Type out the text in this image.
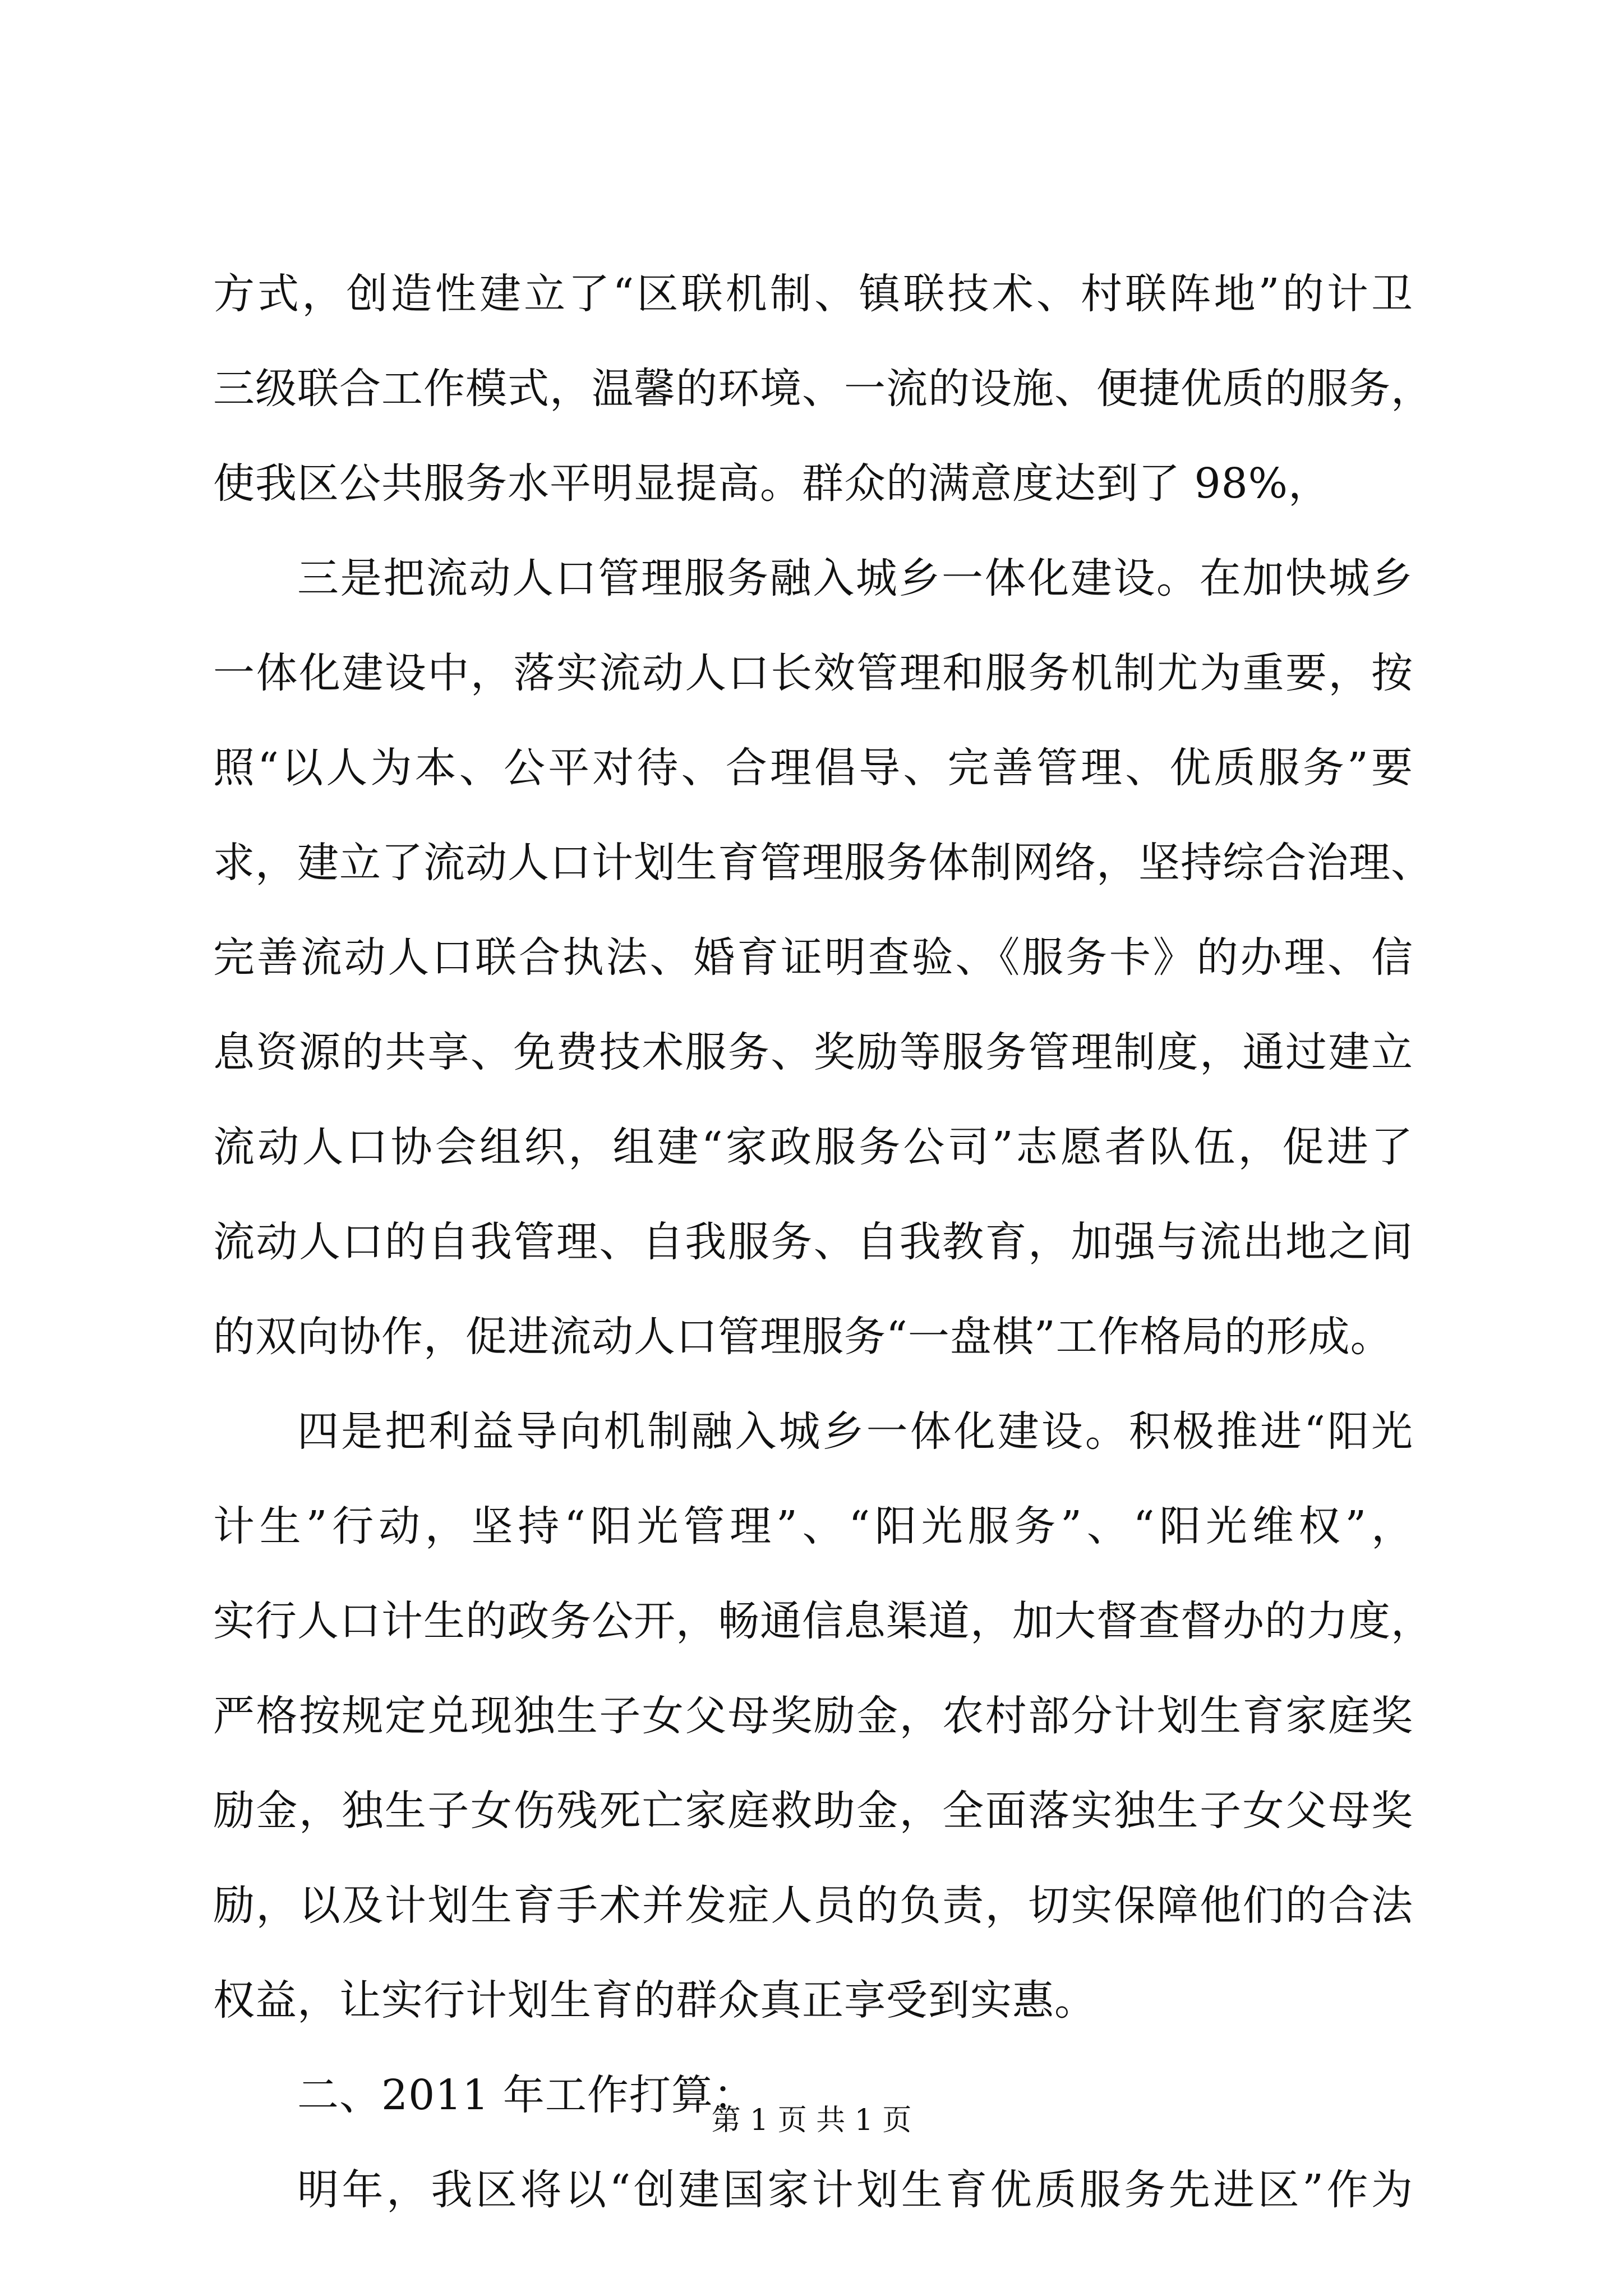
方式，创造性建立了“区联机制、镇联技术、村联阵地”的计卫
三级联合工作模式，温馨的环境、一流的设施、便捷优质的服务，
使我区公共服务水平明显提高。群众的满意度达到了 98%，
三是把流动人口管理服务融入城乡一体化建设。在加快城乡
一体化建设中，落实流动人口长效管理和服务机制尤为重要，按
照“以人为本、公平对待、合理倡导、完善管理、优质服务”要
求，建立了流动人口计划生育管理服务体制网络，坚持综合治理、
完善流动人口联合执法、婚育证明查验、《服务卡》的办理、信
息资源的共享、免费技术服务、奖励等服务管理制度，通过建立
流动人口协会组织，组建“家政服务公司”志愿者队伍，促进了
流动人口的自我管理、自我服务、自我教育，加强与流出地之间
的双向协作，促进流动人口管理服务“一盘棋”工作格局的形成。
四是把利益导向机制融入城乡一体化建设。积极推进“阳光
计生”行动，坚持“阳光管理”、“阳光服务”、“阳光维权”，
实行人口计生的政务公开，畅通信息渠道，加大督查督办的力度，
严格按规定兑现独生子女父母奖励金，农村部分计划生育家庭奖
励金，独生子女伤残死亡家庭救助金，全面落实独生子女父母奖
励，以及计划生育手术并发症人员的负责，切实保障他们的合法
权益，让实行计划生育的群众真正享受到实惠。
二、2011 年工作打算：
明年，我区将以“创建国家计划生育优质服务先进区”作为
第 1 页 共 1 页
